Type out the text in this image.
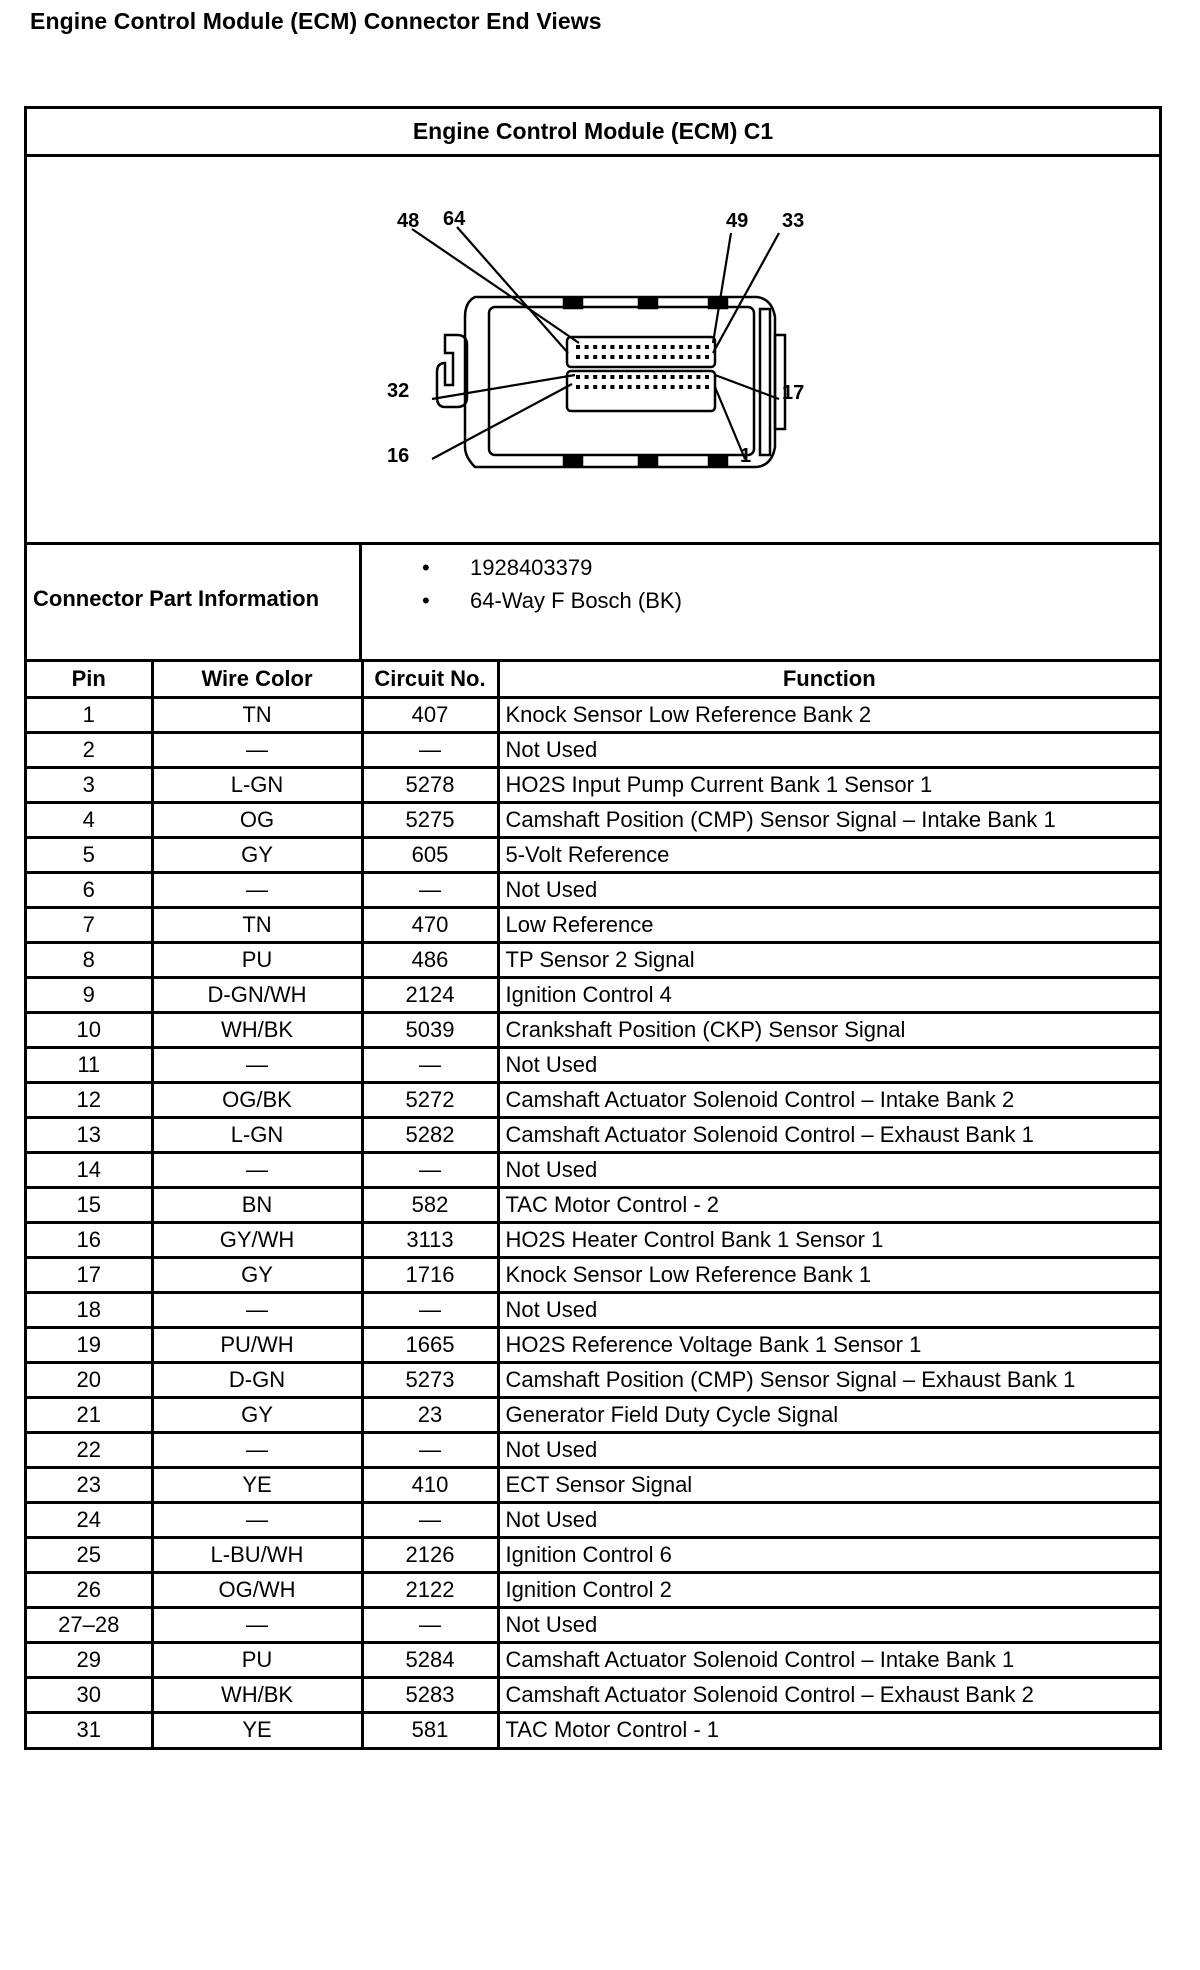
Engine Control Module (ECM) Connector End Views
Engine Control Module (ECM) C1
48 64	49 33
32
16
17
1
Connector Part Information
• 1928403379
• 64-Way F Bosch (BK)
Pin	Wire Color	Circuit No.	Function
1	TN	407	Knock Sensor Low Reference Bank 2
2	—	—	Not Used
3	L-GN	5278	HO2S Input Pump Current Bank 1 Sensor 1
4	OG	5275	Camshaft Position (CMP) Sensor Signal – Intake Bank 1
5	GY	605	5-Volt Reference
6	—	—	Not Used
7	TN	470	Low Reference
8	PU	486	TP Sensor 2 Signal
9	D-GN/WH	2124	Ignition Control 4
10	WH/BK	5039	Crankshaft Position (CKP) Sensor Signal
11	—	—	Not Used
12	OG/BK	5272	Camshaft Actuator Solenoid Control – Intake Bank 2
13	L-GN	5282	Camshaft Actuator Solenoid Control – Exhaust Bank 1
14	—	—	Not Used
15	BN	582	TAC Motor Control - 2
16	GY/WH	3113	HO2S Heater Control Bank 1 Sensor 1
17	GY	1716	Knock Sensor Low Reference Bank 1
18	—	—	Not Used
19	PU/WH	1665	HO2S Reference Voltage Bank 1 Sensor 1
20	D-GN	5273	Camshaft Position (CMP) Sensor Signal – Exhaust Bank 1
21	GY	23	Generator Field Duty Cycle Signal
22	—	—	Not Used
23	YE	410	ECT Sensor Signal
24	—	—	Not Used
25	L-BU/WH	2126	Ignition Control 6
26	OG/WH	2122	Ignition Control 2
27–28	—	—	Not Used
29	PU	5284	Camshaft Actuator Solenoid Control – Intake Bank 1
30	WH/BK	5283	Camshaft Actuator Solenoid Control – Exhaust Bank 2
31	YE	581	TAC Motor Control - 1
